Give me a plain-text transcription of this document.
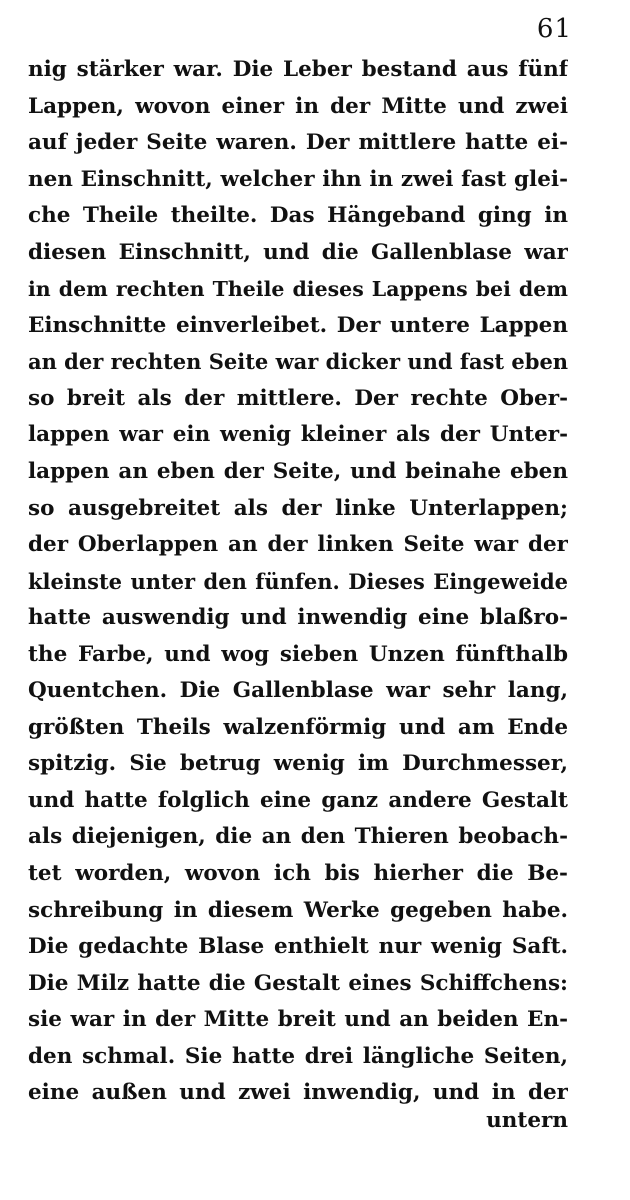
61
nig stärker war. Die Leber bestand aus fünf
Lappen, wovon einer in der Mitte und zwei
auf jeder Seite waren. Der mittlere hatte ei-
nen Einschnitt, welcher ihn in zwei fast glei-
che Theile theilte. Das Hängeband ging in
diesen Einschnitt, und die Gallenblase war
in dem rechten Theile dieses Lappens bei dem
Einschnitte einverleibet. Der untere Lappen
an der rechten Seite war dicker und fast eben
so breit als der mittlere. Der rechte Ober-
lappen war ein wenig kleiner als der Unter-
lappen an eben der Seite, und beinahe eben
so ausgebreitet als der linke Unterlappen;
der Oberlappen an der linken Seite war der
kleinste unter den fünfen. Dieses Eingeweide
hatte auswendig und inwendig eine blaßro-
the Farbe, und wog sieben Unzen fünfthalb
Quentchen. Die Gallenblase war sehr lang,
größten Theils walzenförmig und am Ende
spitzig. Sie betrug wenig im Durchmesser,
und hatte folglich eine ganz andere Gestalt
als diejenigen, die an den Thieren beobach-
tet worden, wovon ich bis hierher die Be-
schreibung in diesem Werke gegeben habe.
Die gedachte Blase enthielt nur wenig Saft.
Die Milz hatte die Gestalt eines Schiffchens:
sie war in der Mitte breit und an beiden En-
den schmal. Sie hatte drei längliche Seiten,
eine außen und zwei inwendig, und in der
untern
